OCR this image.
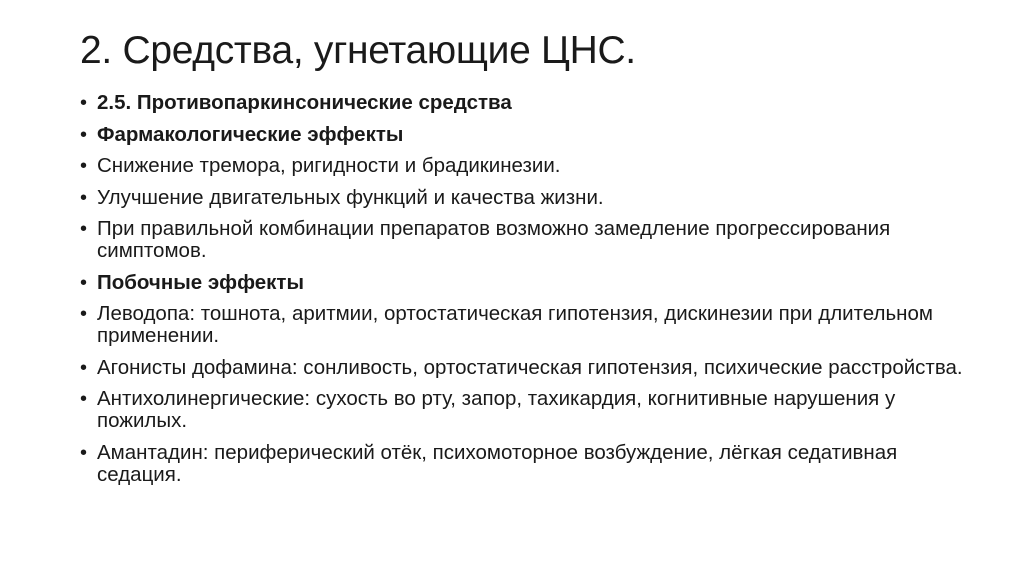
2. Средства, угнетающие ЦНС.
• 2.5. Противопаркинсонические средства
• Фармакологические эффекты
• Снижение тремора, ригидности и брадикинезии.
• Улучшение двигательных функций и качества жизни.
• При правильной комбинации препаратов возможно замедление прогрессирования симптомов.
• Побочные эффекты
• Леводопа: тошнота, аритмии, ортостатическая гипотензия, дискинезии при длительном применении.
• Агонисты дофамина: сонливость, ортостатическая гипотензия, психические расстройства.
• Антихолинергические: сухость во рту, запор, тахикардия, когнитивные нарушения у пожилых.
• Амантадин: периферический отёк, психомоторное возбуждение, лёгкая седативная седация.
